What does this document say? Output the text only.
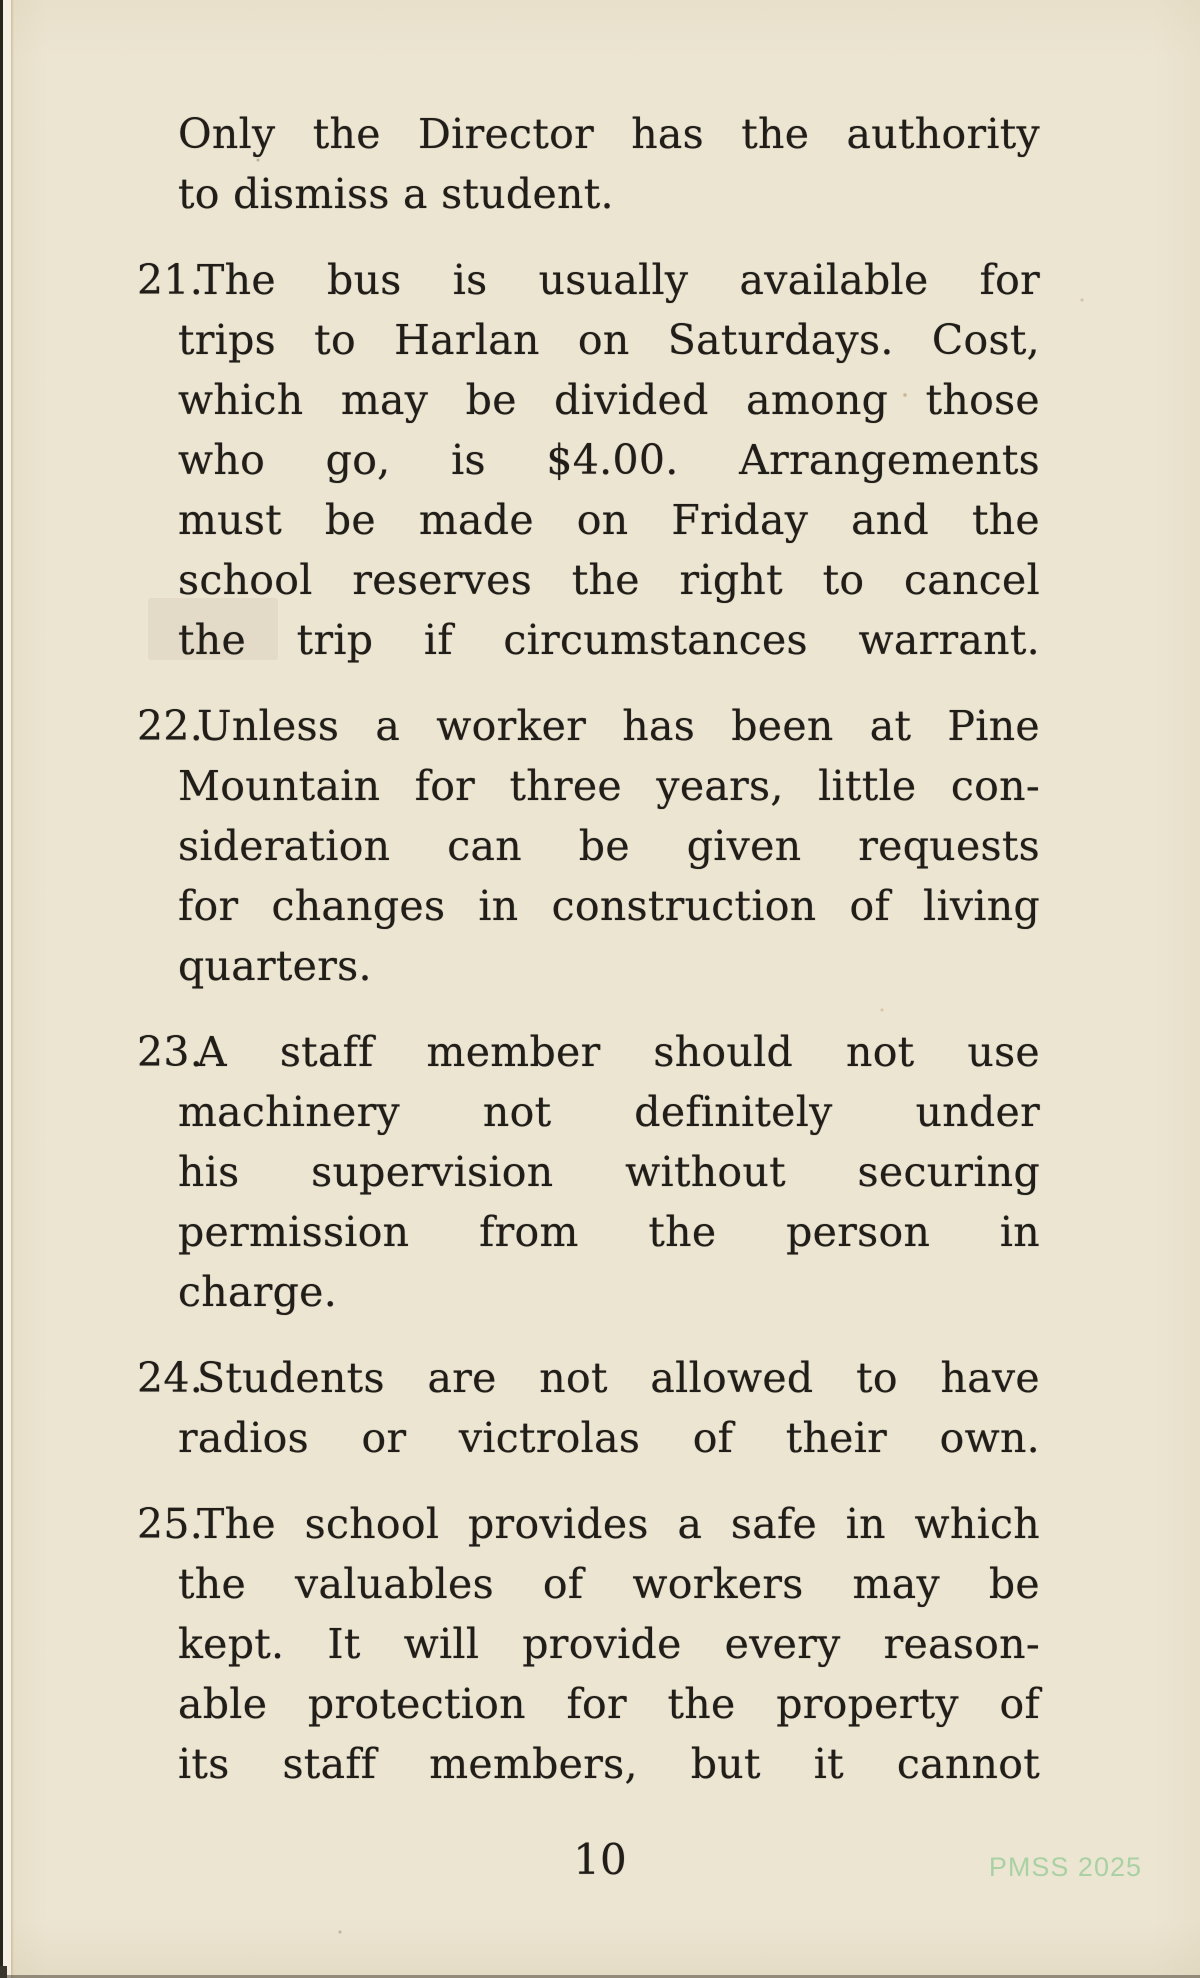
Only the Director has the authority
to dismiss a student.
21.
The bus is usually available for
trips to Harlan on Saturdays. Cost,
which may be divided among those
who go, is $4.00. Arrangements
must be made on Friday and the
school reserves the right to cancel
the trip if circumstances warrant.
22.
Unless a worker has been at Pine
Mountain for three years, little con-
sideration can be given requests
for changes in construction of living
quarters.
23.
A staff member should not use
machinery not definitely under
his supervision without securing
permission from the person in
charge.
24.
Students are not allowed to have
radios or victrolas of their own.
25.
The school provides a safe in which
the valuables of workers may be
kept. It will provide every reason-
able protection for the property of
its staff members, but it cannot
10	PMSS 2025
